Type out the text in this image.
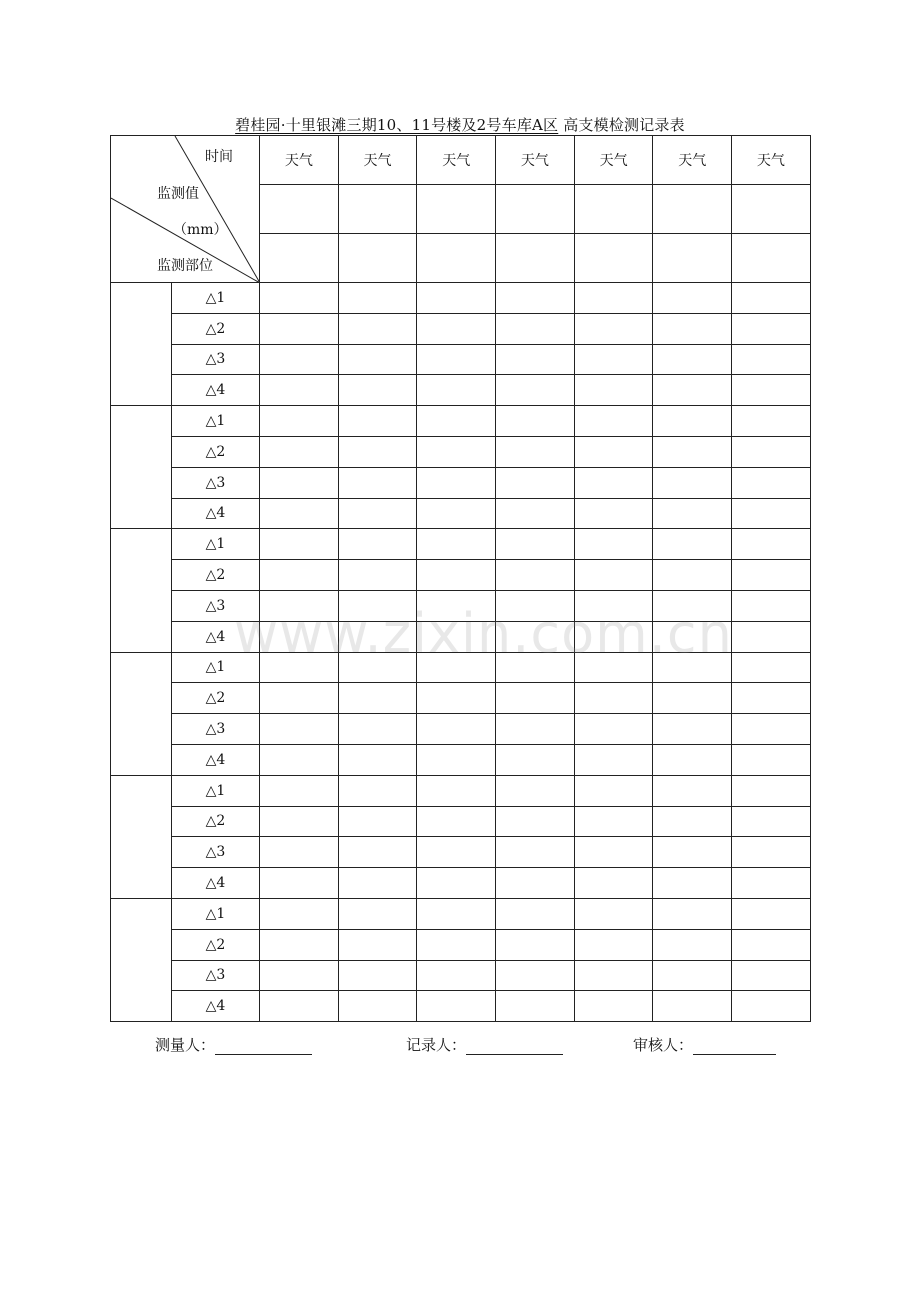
碧桂园·十里银滩三期10、11号楼及2号车库A区 高支模检测记录表
时间
监测值
（mm）
监测部位		天气	天气	天气	天气	天气	天气	天气

	△1							
	△2							
	△3							
	△4							
	△1							
	△2							
	△3							
	△4							
	△1							
	△2							
	△3							
	△4							
	△1							
	△2							
	△3							
	△4							
	△1							
	△2							
	△3							
	△4							
	△1							
	△2							
	△3							
	△4							
测量人：	记录人：	审核人：
www.zixin.com.cn
